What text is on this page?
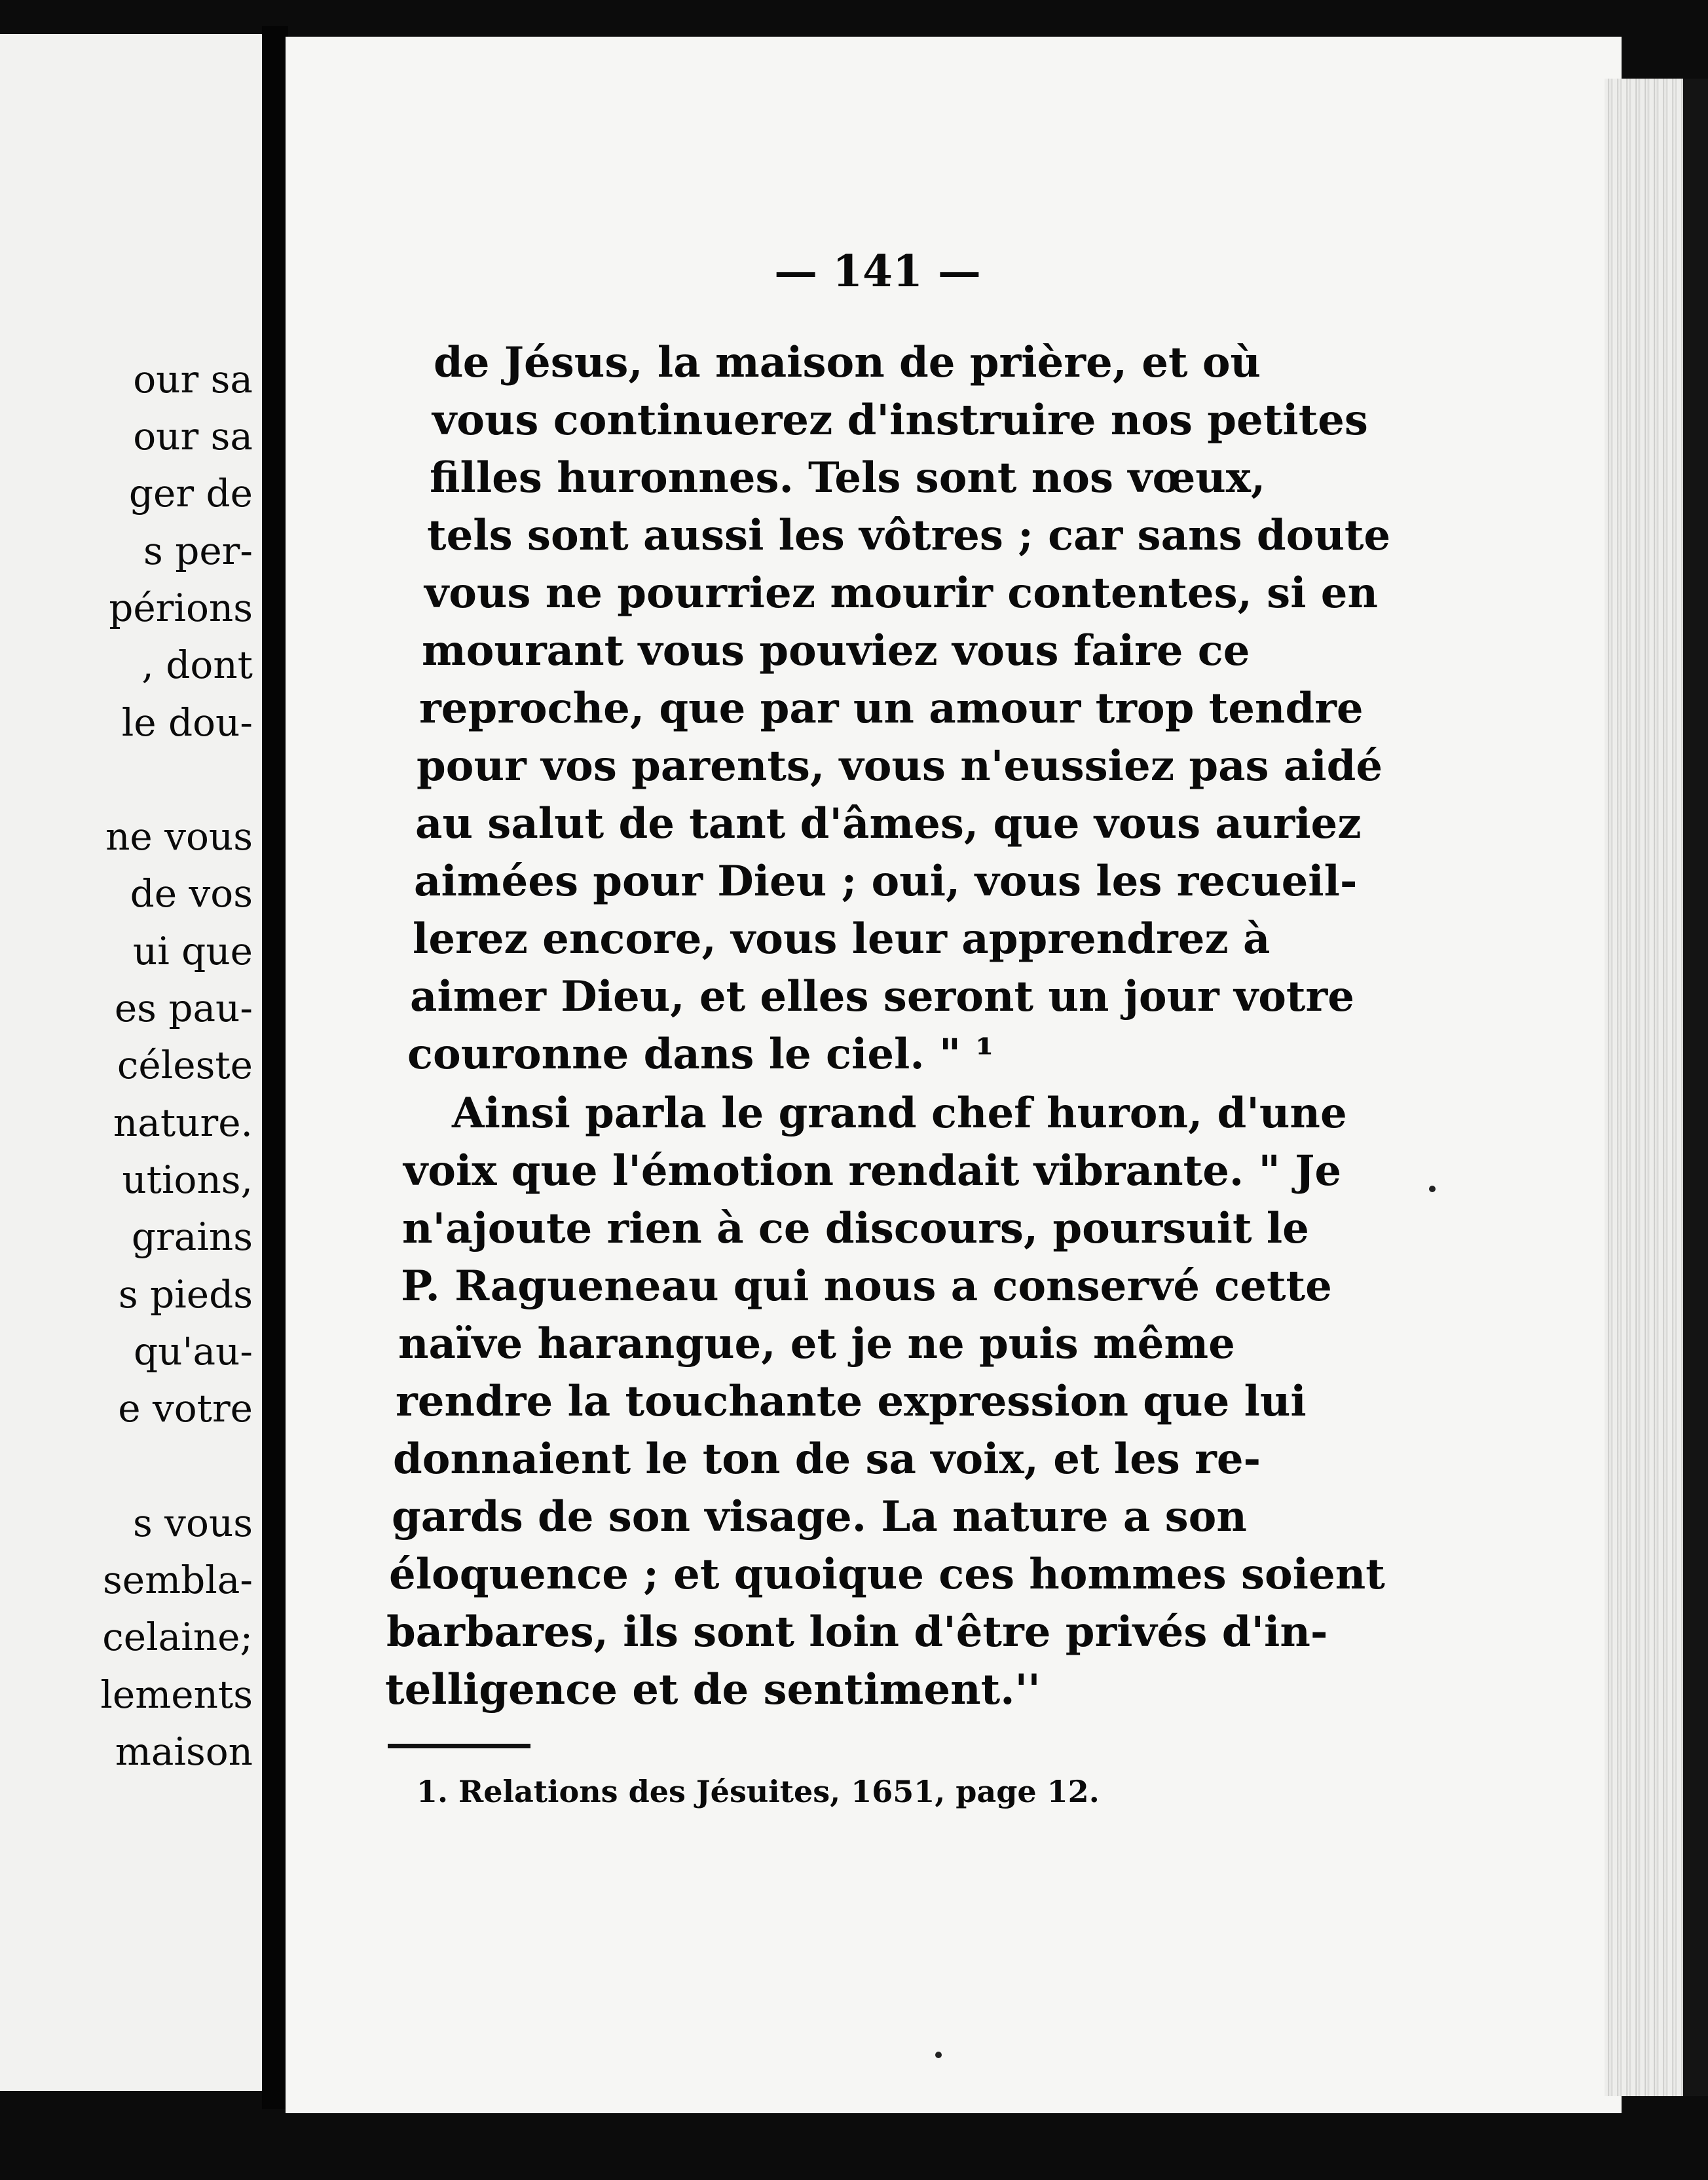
our sa
our sa
ger de
s per-
périons
, dont
le dou-
ne vous
de vos
ui que
es pau-
céleste
nature.
utions,
grains
s pieds
qu'au-
e votre
s vous
sembla-
celaine;
lements
maison
— 141 —
de Jésus, la maison de prière, et où
vous continuerez d'instruire nos petites
filles huronnes. Tels sont nos vœux,
tels sont aussi les vôtres ; car sans doute
vous ne pourriez mourir contentes, si en
mourant vous pouviez vous faire ce
reproche, que par un amour trop tendre
pour vos parents, vous n'eussiez pas aidé
au salut de tant d'âmes, que vous auriez
aimées pour Dieu ; oui, vous les recueil-
lerez encore, vous leur apprendrez à
aimer Dieu, et elles seront un jour votre
couronne dans le ciel. " ¹
Ainsi parla le grand chef huron, d'une
voix que l'émotion rendait vibrante. " Je
n'ajoute rien à ce discours, poursuit le
P. Ragueneau qui nous a conservé cette
naïve harangue, et je ne puis même
rendre la touchante expression que lui
donnaient le ton de sa voix, et les re-
gards de son visage. La nature a son
éloquence ; et quoique ces hommes soient
barbares, ils sont loin d'être privés d'in-
telligence et de sentiment.''
1. Relations des Jésuites, 1651, page 12.
